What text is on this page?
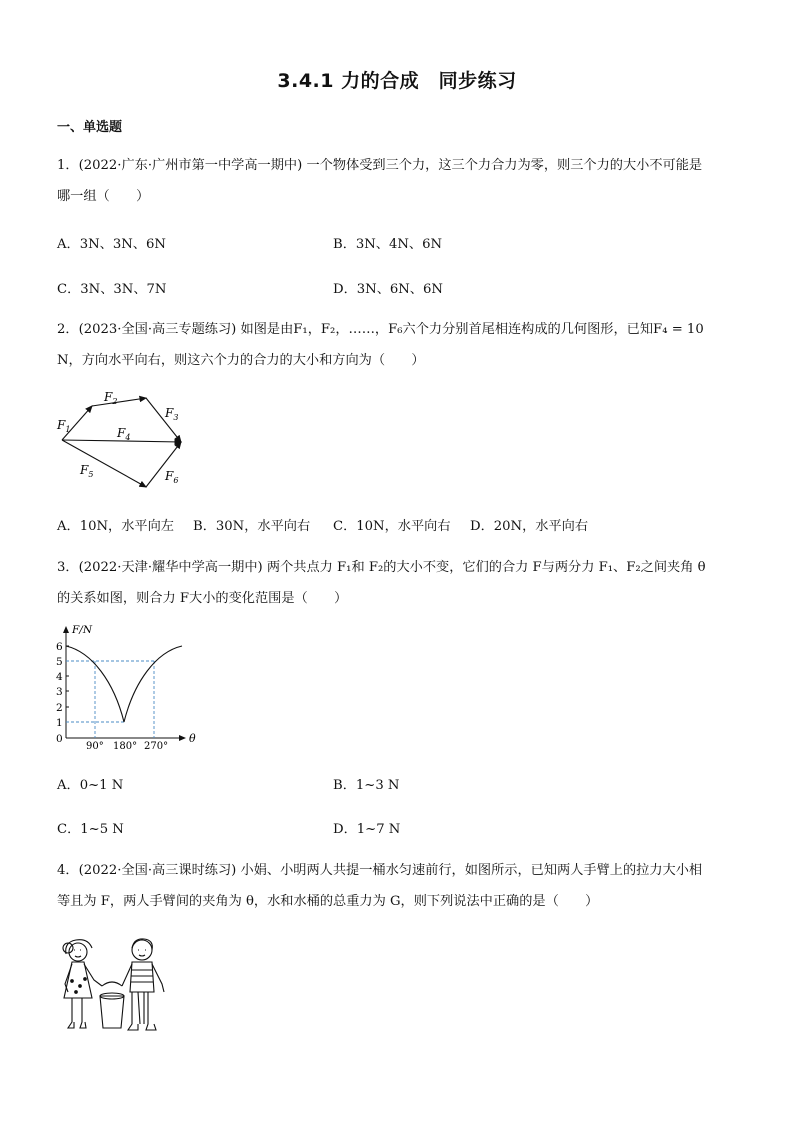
3.4.1 力的合成　同步练习
一、单选题
1．(2022·广东·广州市第一中学高一期中) 一个物体受到三个力，这三个力合力为零，则三个力的大小不可能是
哪一组（　　）
A．3N、3N、6N	B．3N、4N、6N
C．3N、3N、7N	D．3N、6N、6N
2．(2023·全国·高三专题练习) 如图是由F₁，F₂，……，F₆六个力分别首尾相连构成的几何图形，已知F₄ = 10
N，方向水平向右，则这六个力的合力的大小和方向为（　　）
$F_1$
$F_2$
$F_3$
$F_4$
$F_5$	$F_6$
A．10N，水平向左 B．30N，水平向右 C．10N，水平向右 D．20N，水平向右
3．(2022·天津·耀华中学高一期中) 两个共点力 F₁和 F₂的大小不变，它们的合力 F与两分力 F₁、F₂之间夹角 θ
的关系如图，则合力 F大小的变化范围是（　　）
F/N
θ
0
1
2
3
4
5
6
90° 180° 270°
A．0~1 N	B．1~3 N
C．1~5 N	D．1~7 N
4．(2022·全国·高三课时练习) 小娟、小明两人共提一桶水匀速前行，如图所示，已知两人手臂上的拉力大小相
等且为 F，两人手臂间的夹角为 θ，水和水桶的总重力为 G，则下列说法中正确的是（　　）
